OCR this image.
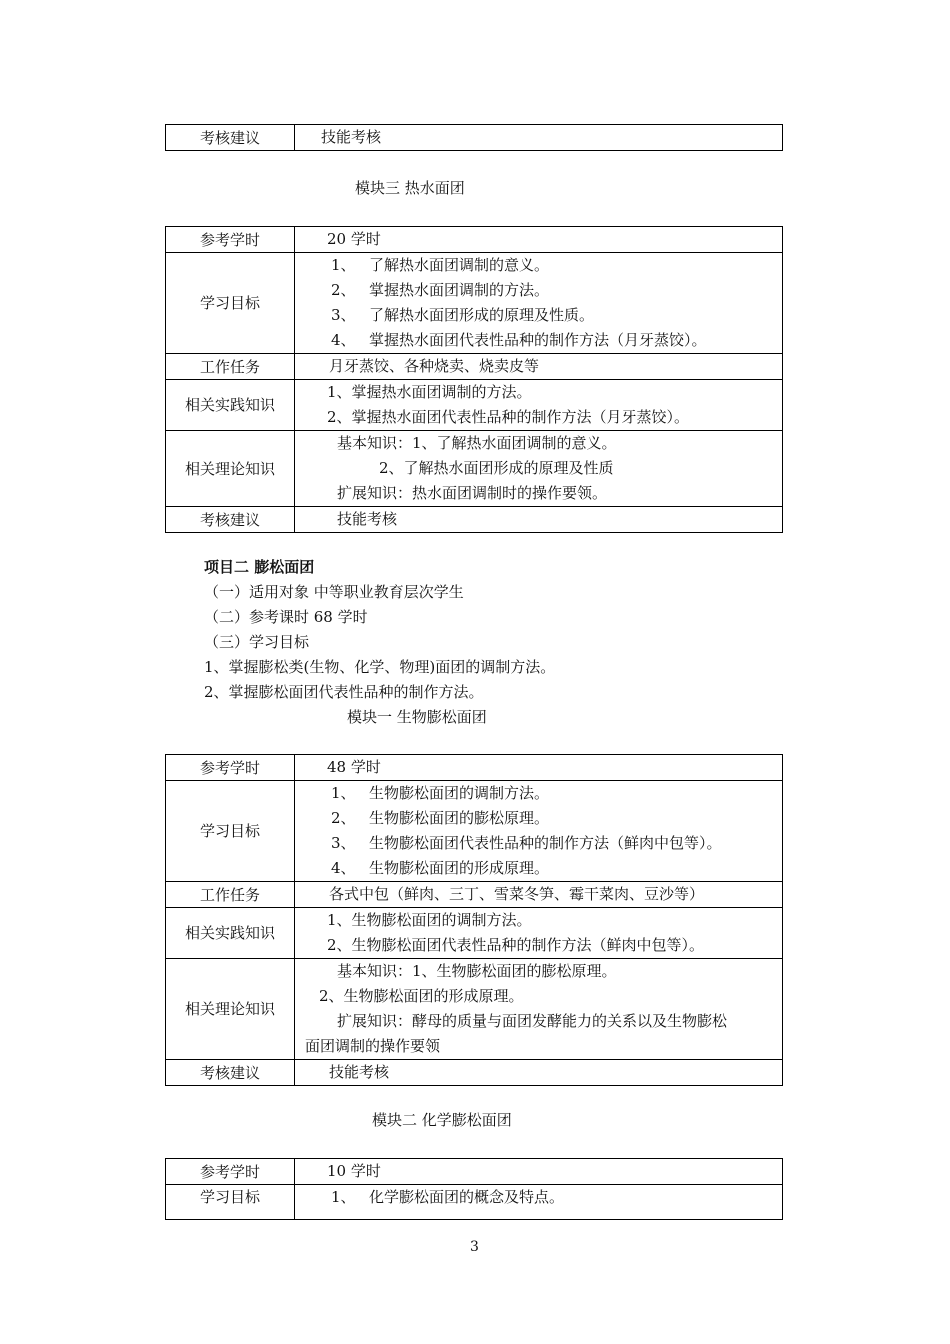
考核建议	技能考核
模块三 热水面团
参考学时	20 学时

学习目标	1、 了解热水面团调制的意义。
2、 掌握热水面团调制的方法。
3、 了解热水面团形成的原理及性质。
4、 掌握热水面团代表性品种的制作方法（月牙蒸饺）。

工作任务	月牙蒸饺、各种烧卖、烧卖皮等

相关实践知识	1、掌握热水面团调制的方法。
2、掌握热水面团代表性品种的制作方法（月牙蒸饺）。

相关理论知识	基本知识：1、了解热水面团调制的意义。
2、了解热水面团形成的原理及性质
扩展知识：热水面团调制时的操作要领。

考核建议	技能考核
项目二 膨松面团
（一）适用对象 中等职业教育层次学生
（二）参考课时 68 学时
（三）学习目标
1、掌握膨松类(生物、化学、物理)面团的调制方法。
2、掌握膨松面团代表性品种的制作方法。
模块一 生物膨松面团
参考学时	48 学时

学习目标	1、 生物膨松面团的调制方法。
2、 生物膨松面团的膨松原理。
3、 生物膨松面团代表性品种的制作方法（鲜肉中包等）。
4、 生物膨松面团的形成原理。

工作任务	各式中包（鲜肉、三丁、雪菜冬笋、霉干菜肉、豆沙等）

相关实践知识	1、生物膨松面团的调制方法。
2、生物膨松面团代表性品种的制作方法（鲜肉中包等）。

相关理论知识	基本知识：1、生物膨松面团的膨松原理。
2、生物膨松面团的形成原理。
扩展知识：酵母的质量与面团发酵能力的关系以及生物膨松
面团调制的操作要领

考核建议	技能考核
模块二 化学膨松面团
参考学时	10 学时

学习目标	1、 化学膨松面团的概念及特点。
3
